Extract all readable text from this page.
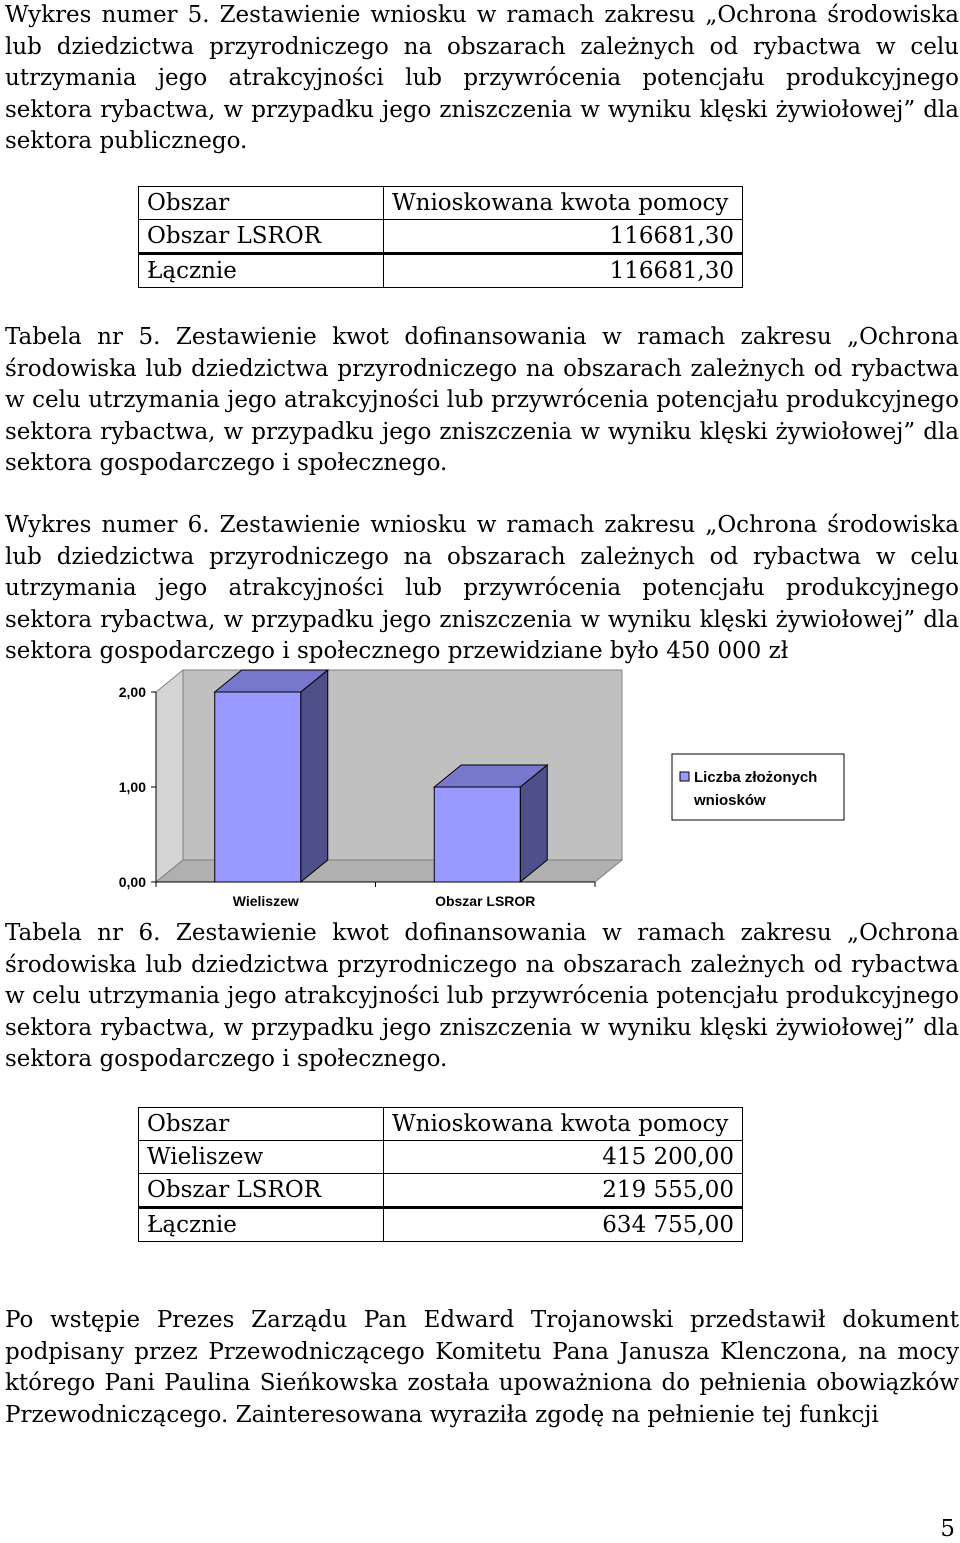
Wykres numer 5. Zestawienie wniosku w ramach zakresu „Ochrona środowiska lub dziedzictwa przyrodniczego na obszarach zależnych od rybactwa w celu utrzymania jego atrakcyjności lub przywrócenia potencjału produkcyjnego sektora rybactwa, w przypadku jego zniszczenia w wyniku klęski żywiołowej” dla sektora publicznego.

Obszar	Wnioskowana kwota pomocy
Obszar LSROR	116681,30
Łącznie	116681,30

Tabela nr 5. Zestawienie kwot dofinansowania w ramach zakresu „Ochrona środowiska lub dziedzictwa przyrodniczego na obszarach zależnych od rybactwa w celu utrzymania jego atrakcyjności lub przywrócenia potencjału produkcyjnego sektora rybactwa, w przypadku jego zniszczenia w wyniku klęski żywiołowej” dla sektora gospodarczego i społecznego.

Wykres numer 6. Zestawienie wniosku w ramach zakresu „Ochrona środowiska lub dziedzictwa przyrodniczego na obszarach zależnych od rybactwa w celu utrzymania jego atrakcyjności lub przywrócenia potencjału produkcyjnego sektora rybactwa, w przypadku jego zniszczenia w wyniku klęski żywiołowej” dla sektora gospodarczego i społecznego przewidziane było 450 000 zł

0,00
1,00
2,00
Wieliszew	Obszar LSROR
Liczba złożonych
wniosków

Tabela nr 6. Zestawienie kwot dofinansowania w ramach zakresu „Ochrona środowiska lub dziedzictwa przyrodniczego na obszarach zależnych od rybactwa w celu utrzymania jego atrakcyjności lub przywrócenia potencjału produkcyjnego sektora rybactwa, w przypadku jego zniszczenia w wyniku klęski żywiołowej” dla sektora gospodarczego i społecznego.

Obszar	Wnioskowana kwota pomocy
Wieliszew	415 200,00
Obszar LSROR	219 555,00
Łącznie	634 755,00

Po wstępie Prezes Zarządu Pan Edward Trojanowski przedstawił dokument podpisany przez Przewodniczącego Komitetu Pana Janusza Klenczona, na mocy którego Pani Paulina Sieńkowska została upoważniona do pełnienia obowiązków Przewodniczącego. Zainteresowana wyraziła zgodę na pełnienie tej funkcji

5
